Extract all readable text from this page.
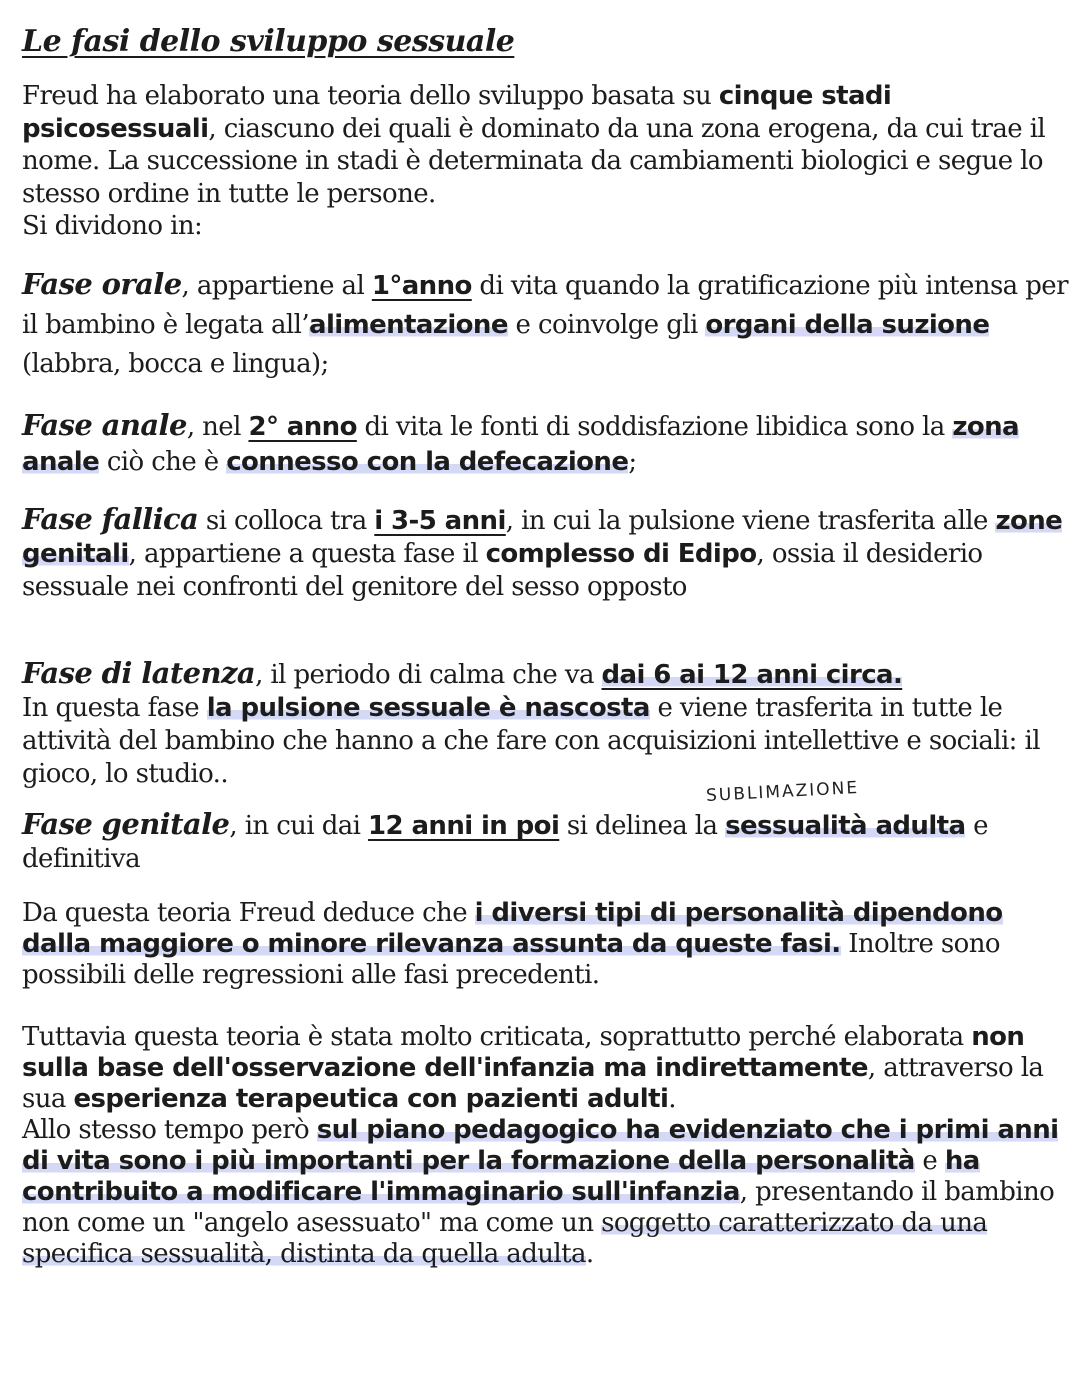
Le fasi dello sviluppo sessuale

Freud ha elaborato una teoria dello sviluppo basata su cinque stadi psicosessuali, ciascuno dei quali è dominato da una zona erogena, da cui trae il nome. La successione in stadi è determinata da cambiamenti biologici e segue lo stesso ordine in tutte le persone.
Si dividono in:

Fase orale, appartiene al 1°anno di vita quando la gratificazione più intensa per il bambino è legata all’alimentazione e coinvolge gli organi della suzione (labbra, bocca e lingua);

Fase anale, nel 2° anno di vita le fonti di soddisfazione libidica sono la zona anale ciò che è connesso con la defecazione;

Fase fallica si colloca tra i 3-5 anni, in cui la pulsione viene trasferita alle zone genitali, appartiene a questa fase il complesso di Edipo, ossia il desiderio sessuale nei confronti del genitore del sesso opposto

Fase di latenza, il periodo di calma che va dai 6 ai 12 anni circa.
In questa fase la pulsione sessuale è nascosta e viene trasferita in tutte le attività del bambino che hanno a che fare con acquisizioni intellettive e sociali: il gioco, lo studio..

SUBLIMAZIONE

Fase genitale, in cui dai 12 anni in poi si delinea la sessualità adulta e definitiva

Da questa teoria Freud deduce che i diversi tipi di personalità dipendono dalla maggiore o minore rilevanza assunta da queste fasi. Inoltre sono possibili delle regressioni alle fasi precedenti.

Tuttavia questa teoria è stata molto criticata, soprattutto perché elaborata non sulla base dell'osservazione dell'infanzia ma indirettamente, attraverso la sua esperienza terapeutica con pazienti adulti.
Allo stesso tempo però sul piano pedagogico ha evidenziato che i primi anni di vita sono i più importanti per la formazione della personalità e ha contribuito a modificare l'immaginario sull'infanzia, presentando il bambino non come un "angelo asessuato" ma come un soggetto caratterizzato da una specifica sessualità, distinta da quella adulta.
